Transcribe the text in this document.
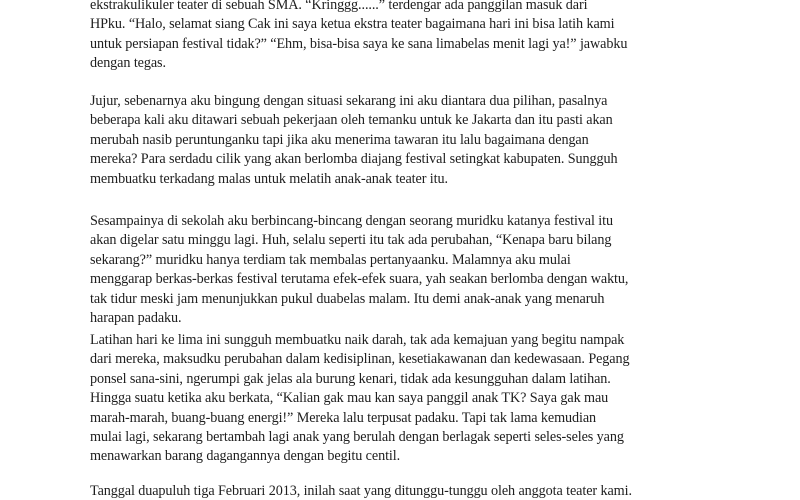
ekstrakulikuler teater di sebuah SMA. “Kringgg......” terdengar ada panggilan masuk dari
HPku. “Halo, selamat siang Cak ini saya ketua ekstra teater bagaimana hari ini bisa latih kami
untuk persiapan festival tidak?” “Ehm, bisa-bisa saya ke sana limabelas menit lagi ya!” jawabku
dengan tegas.

Jujur, sebenarnya aku bingung dengan situasi sekarang ini aku diantara dua pilihan, pasalnya
beberapa kali aku ditawari sebuah pekerjaan oleh temanku untuk ke Jakarta dan itu pasti akan
merubah nasib peruntunganku tapi jika aku menerima tawaran itu lalu bagaimana dengan
mereka? Para serdadu cilik yang akan berlomba diajang festival setingkat kabupaten. Sungguh
membuatku terkadang malas untuk melatih anak-anak teater itu.

Sesampainya di sekolah aku berbincang-bincang dengan seorang muridku katanya festival itu
akan digelar satu minggu lagi. Huh, selalu seperti itu tak ada perubahan, “Kenapa baru bilang
sekarang?” muridku hanya terdiam tak membalas pertanyaanku. Malamnya aku mulai
menggarap berkas-berkas festival terutama efek-efek suara, yah seakan berlomba dengan waktu,
tak tidur meski jam menunjukkan pukul duabelas malam. Itu demi anak-anak yang menaruh
harapan padaku.

Latihan hari ke lima ini sungguh membuatku naik darah, tak ada kemajuan yang begitu nampak
dari mereka, maksudku perubahan dalam kedisiplinan, kesetiakawanan dan kedewasaan. Pegang
ponsel sana-sini, ngerumpi gak jelas ala burung kenari, tidak ada kesungguhan dalam latihan.
Hingga suatu ketika aku berkata, “Kalian gak mau kan saya panggil anak TK? Saya gak mau
marah-marah, buang-buang energi!” Mereka lalu terpusat padaku. Tapi tak lama kemudian
mulai lagi, sekarang bertambah lagi anak yang berulah dengan berlagak seperti seles-seles yang
menawarkan barang dagangannya dengan begitu centil.

Tanggal duapuluh tiga Februari 2013, inilah saat yang ditunggu-tunggu oleh anggota teater kami.
